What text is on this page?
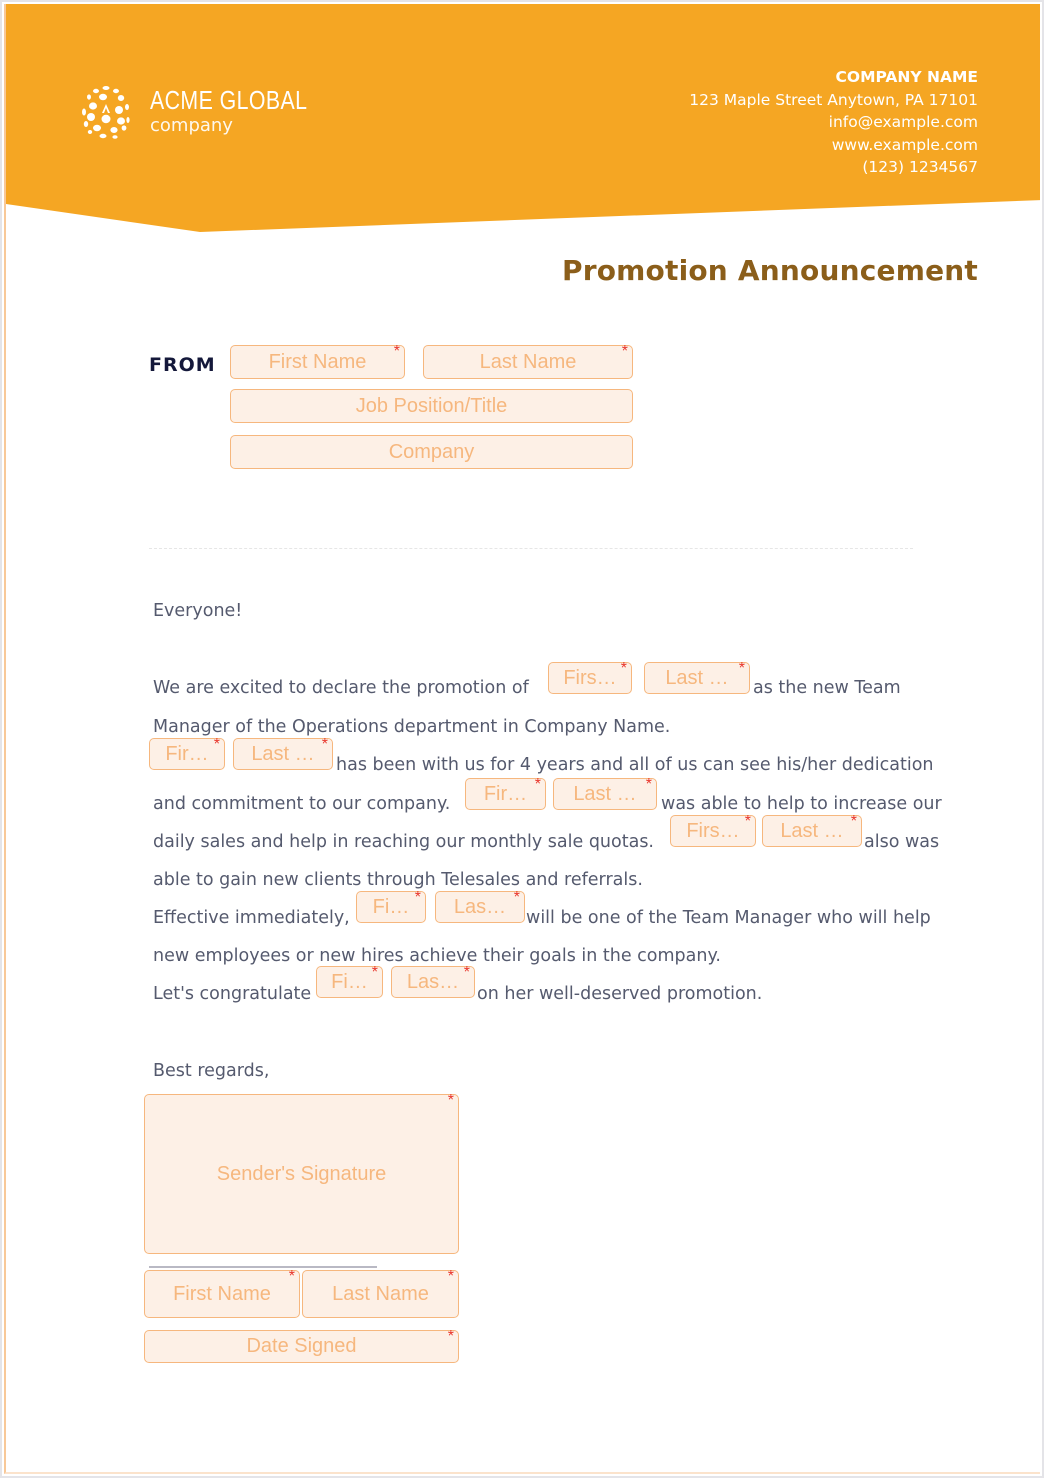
ACME GLOBAL
company
COMPANY NAME
123 Maple Street Anytown, PA 17101
info@example.com
www.example.com
(123) 1234567
Promotion Announcement
FROM	First Name *	Last Name	*
Job Position/Title
Company
Everyone!
We are excited to declare the promotion of Firs… * Last … *
as the new Team
Manager of the Operations department in Company Name.
Fir… * Last … *
has been with us for 4 years and all of us can see his/her dedication
and commitment to our company. Fir… * Last … *
was able to help to increase our
daily sales and help in reaching our monthly sale quotas.
Firs… * Last … *
also was
able to gain new clients through Telesales and referrals.
Effective immediately,
Fi… * Las… *
will be one of the Team Manager who will help
new employees or new hires achieve their goals in the company.
Let's congratulate
Fi… * Las… *
on her well-deserved promotion.
Best regards,
Sender's Signature
*
First Name
*
Last Name
*
Date Signed	*
